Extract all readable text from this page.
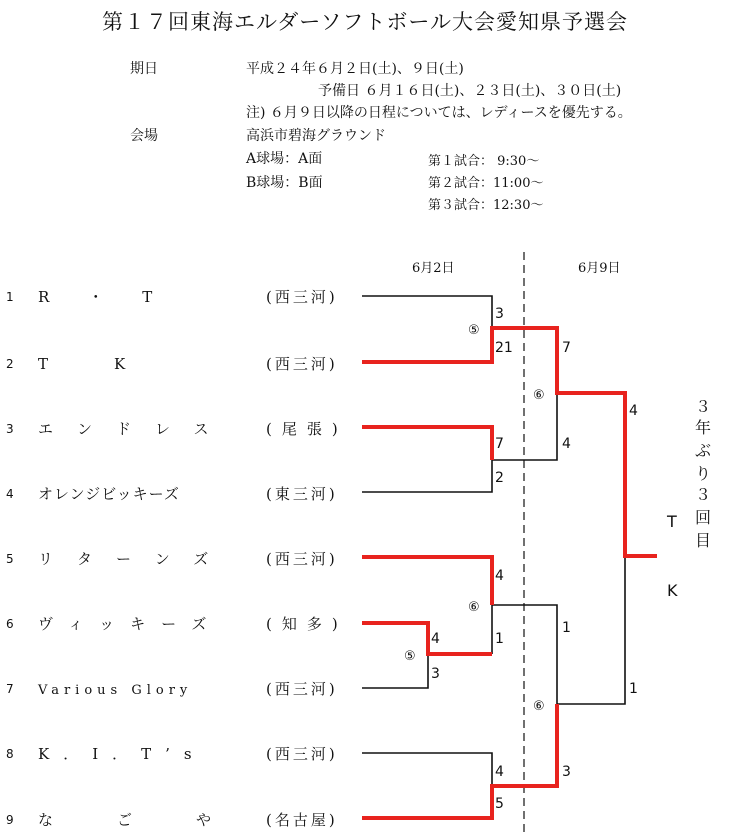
第１７回東海エルダーソフトボール大会愛知県予選会
期日	平成２４年６月２日(土)、９日(土)
予備日 ６月１６日(土)、２３日(土)、３０日(土)
注) ６月９日以降の日程については、レディースを優先する。
会場	高浜市碧海グラウンド
A球場：A面
B球場：B面
第１試合： 9:30～
第２試合：11:00～
第３試合：12:30～
6月2日	6月9日
1 R　・　T	(西三河)
2 T　　K	(西三河)
3 エンドレス (尾張)
4 オレンジビッキーズ	(東三河)
5 リターンズ (西三河)
6 ヴィッキーズ	(知多)
7 Various Glory	(西三河)
8 K．I．T’s	(西三河)
9 なごや
(名古屋)
3
21
7
2
4
3
4
1
4
5
7
4
1
3
4
1
⑤
⑤
⑥
⑥
⑥
T
K
３
年
ぶ
り
３
回
目
